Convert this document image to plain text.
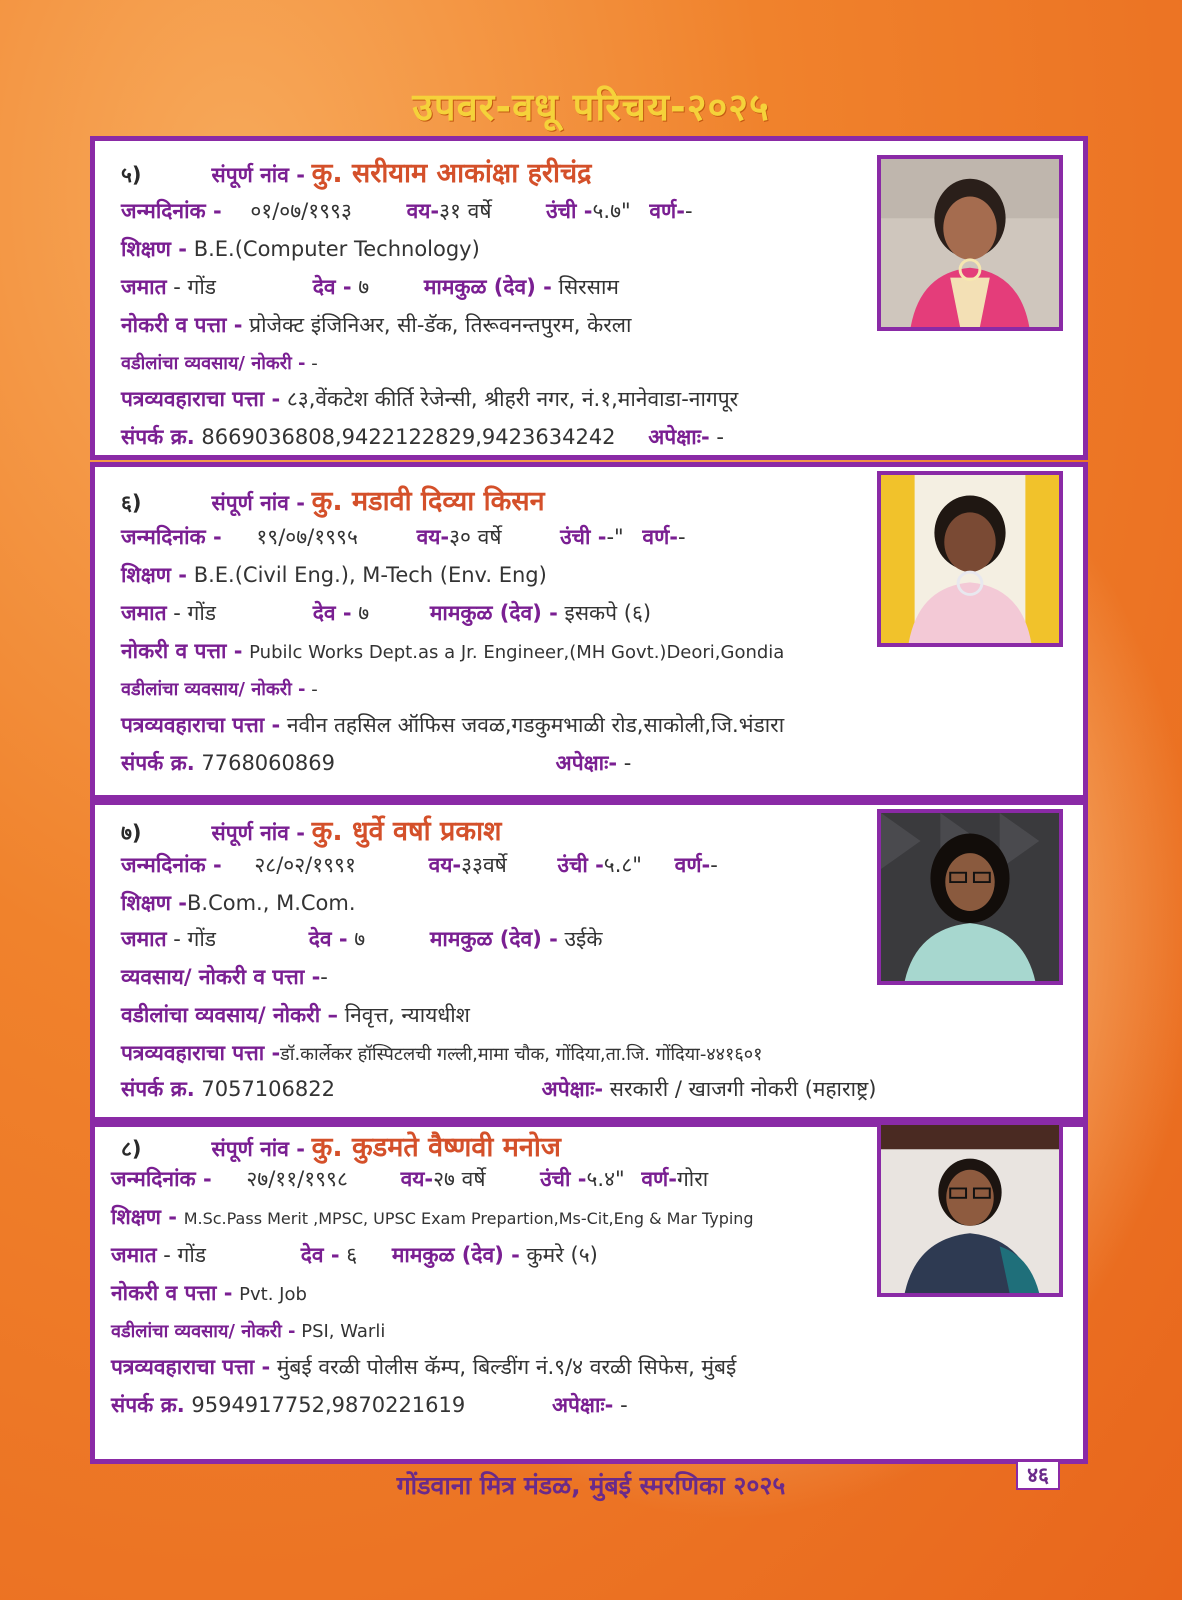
उपवर-वधू परिचय-२०२५
५)	संपूर्ण नांव - कु. सरीयाम आकांक्षा हरीचंद्र
जन्मदिनांक - ०१/०७/१९९३	वय-३१ वर्षे	उंची -५.७" वर्ण--
शिक्षण - B.E.(Computer Technology)
जमात - गोंड	देव - ७	मामकुळ (देव) - सिरसाम
नोकरी व पत्ता - प्रोजेक्ट इंजिनिअर, सी-डॅक, तिरूवनन्तपुरम, केरला
वडीलांचा व्यवसाय/ नोकरी - -
पत्रव्यवहाराचा पत्ता - ८३,वेंकटेश कीर्ति रेजेन्सी, श्रीहरी नगर, नं.१,मानेवाडा-नागपूर
संपर्क क्र. 8669036808,9422122829,9423634242 अपेक्षाः- -
६)	संपूर्ण नांव - कु. मडावी दिव्या किसन
जन्मदिनांक - १९/०७/१९९५	वय-३० वर्षे	उंची --" वर्ण--
शिक्षण - B.E.(Civil Eng.), M-Tech (Env. Eng)
जमात - गोंड	देव - ७	मामकुळ (देव) - इसकपे (६)
नोकरी व पत्ता - Pubilc Works Dept.as a Jr. Engineer,(MH Govt.)Deori,Gondia
वडीलांचा व्यवसाय/ नोकरी - -
पत्रव्यवहाराचा पत्ता - नवीन तहसिल ऑफिस जवळ,गडकुमभाळी रोड,साकोली,जि.भंडारा
संपर्क क्र. 7768060869	अपेक्षाः- -
७)	संपूर्ण नांव - कु. धुर्वे वर्षा प्रकाश
जन्मदिनांक - २८/०२/१९९१	वय-३३वर्षे उंची -५.८" वर्ण--
शिक्षण -B.Com., M.Com.
जमात - गोंड	देव - ७	मामकुळ (देव) - उईके
व्यवसाय/ नोकरी व पत्ता --
वडीलांचा व्यवसाय/ नोकरी – निवृत्त, न्यायधीश
पत्रव्यवहाराचा पत्ता -डॉ.कार्लेकर हॉस्पिटलची गल्ली,मामा चौक, गोंदिया,ता.जि. गोंदिया-४४१६०१
संपर्क क्र. 7057106822	अपेक्षाः- सरकारी / खाजगी नोकरी (महाराष्ट्र)
८)	संपूर्ण नांव - कु. कुडमते वैष्णवी मनोज
जन्मदिनांक - २७/११/१९९८	वय-२७ वर्षे	उंची -५.४" वर्ण-गोरा
शिक्षण - M.Sc.Pass Merit ,MPSC, UPSC Exam Prepartion,Ms-Cit,Eng & Mar Typing
जमात - गोंड	देव - ६ मामकुळ (देव) - कुमरे (५)
नोकरी व पत्ता - Pvt. Job
वडीलांचा व्यवसाय/ नोकरी - PSI, Warli
पत्रव्यवहाराचा पत्ता - मुंबई वरळी पोलीस कॅम्प, बिल्डींग नं.९/४ वरळी सिफेस, मुंबई
संपर्क क्र. 9594917752,9870221619	अपेक्षाः- -
४६
गोंडवाना मित्र मंडळ, मुंबई स्मरणिका २०२५
